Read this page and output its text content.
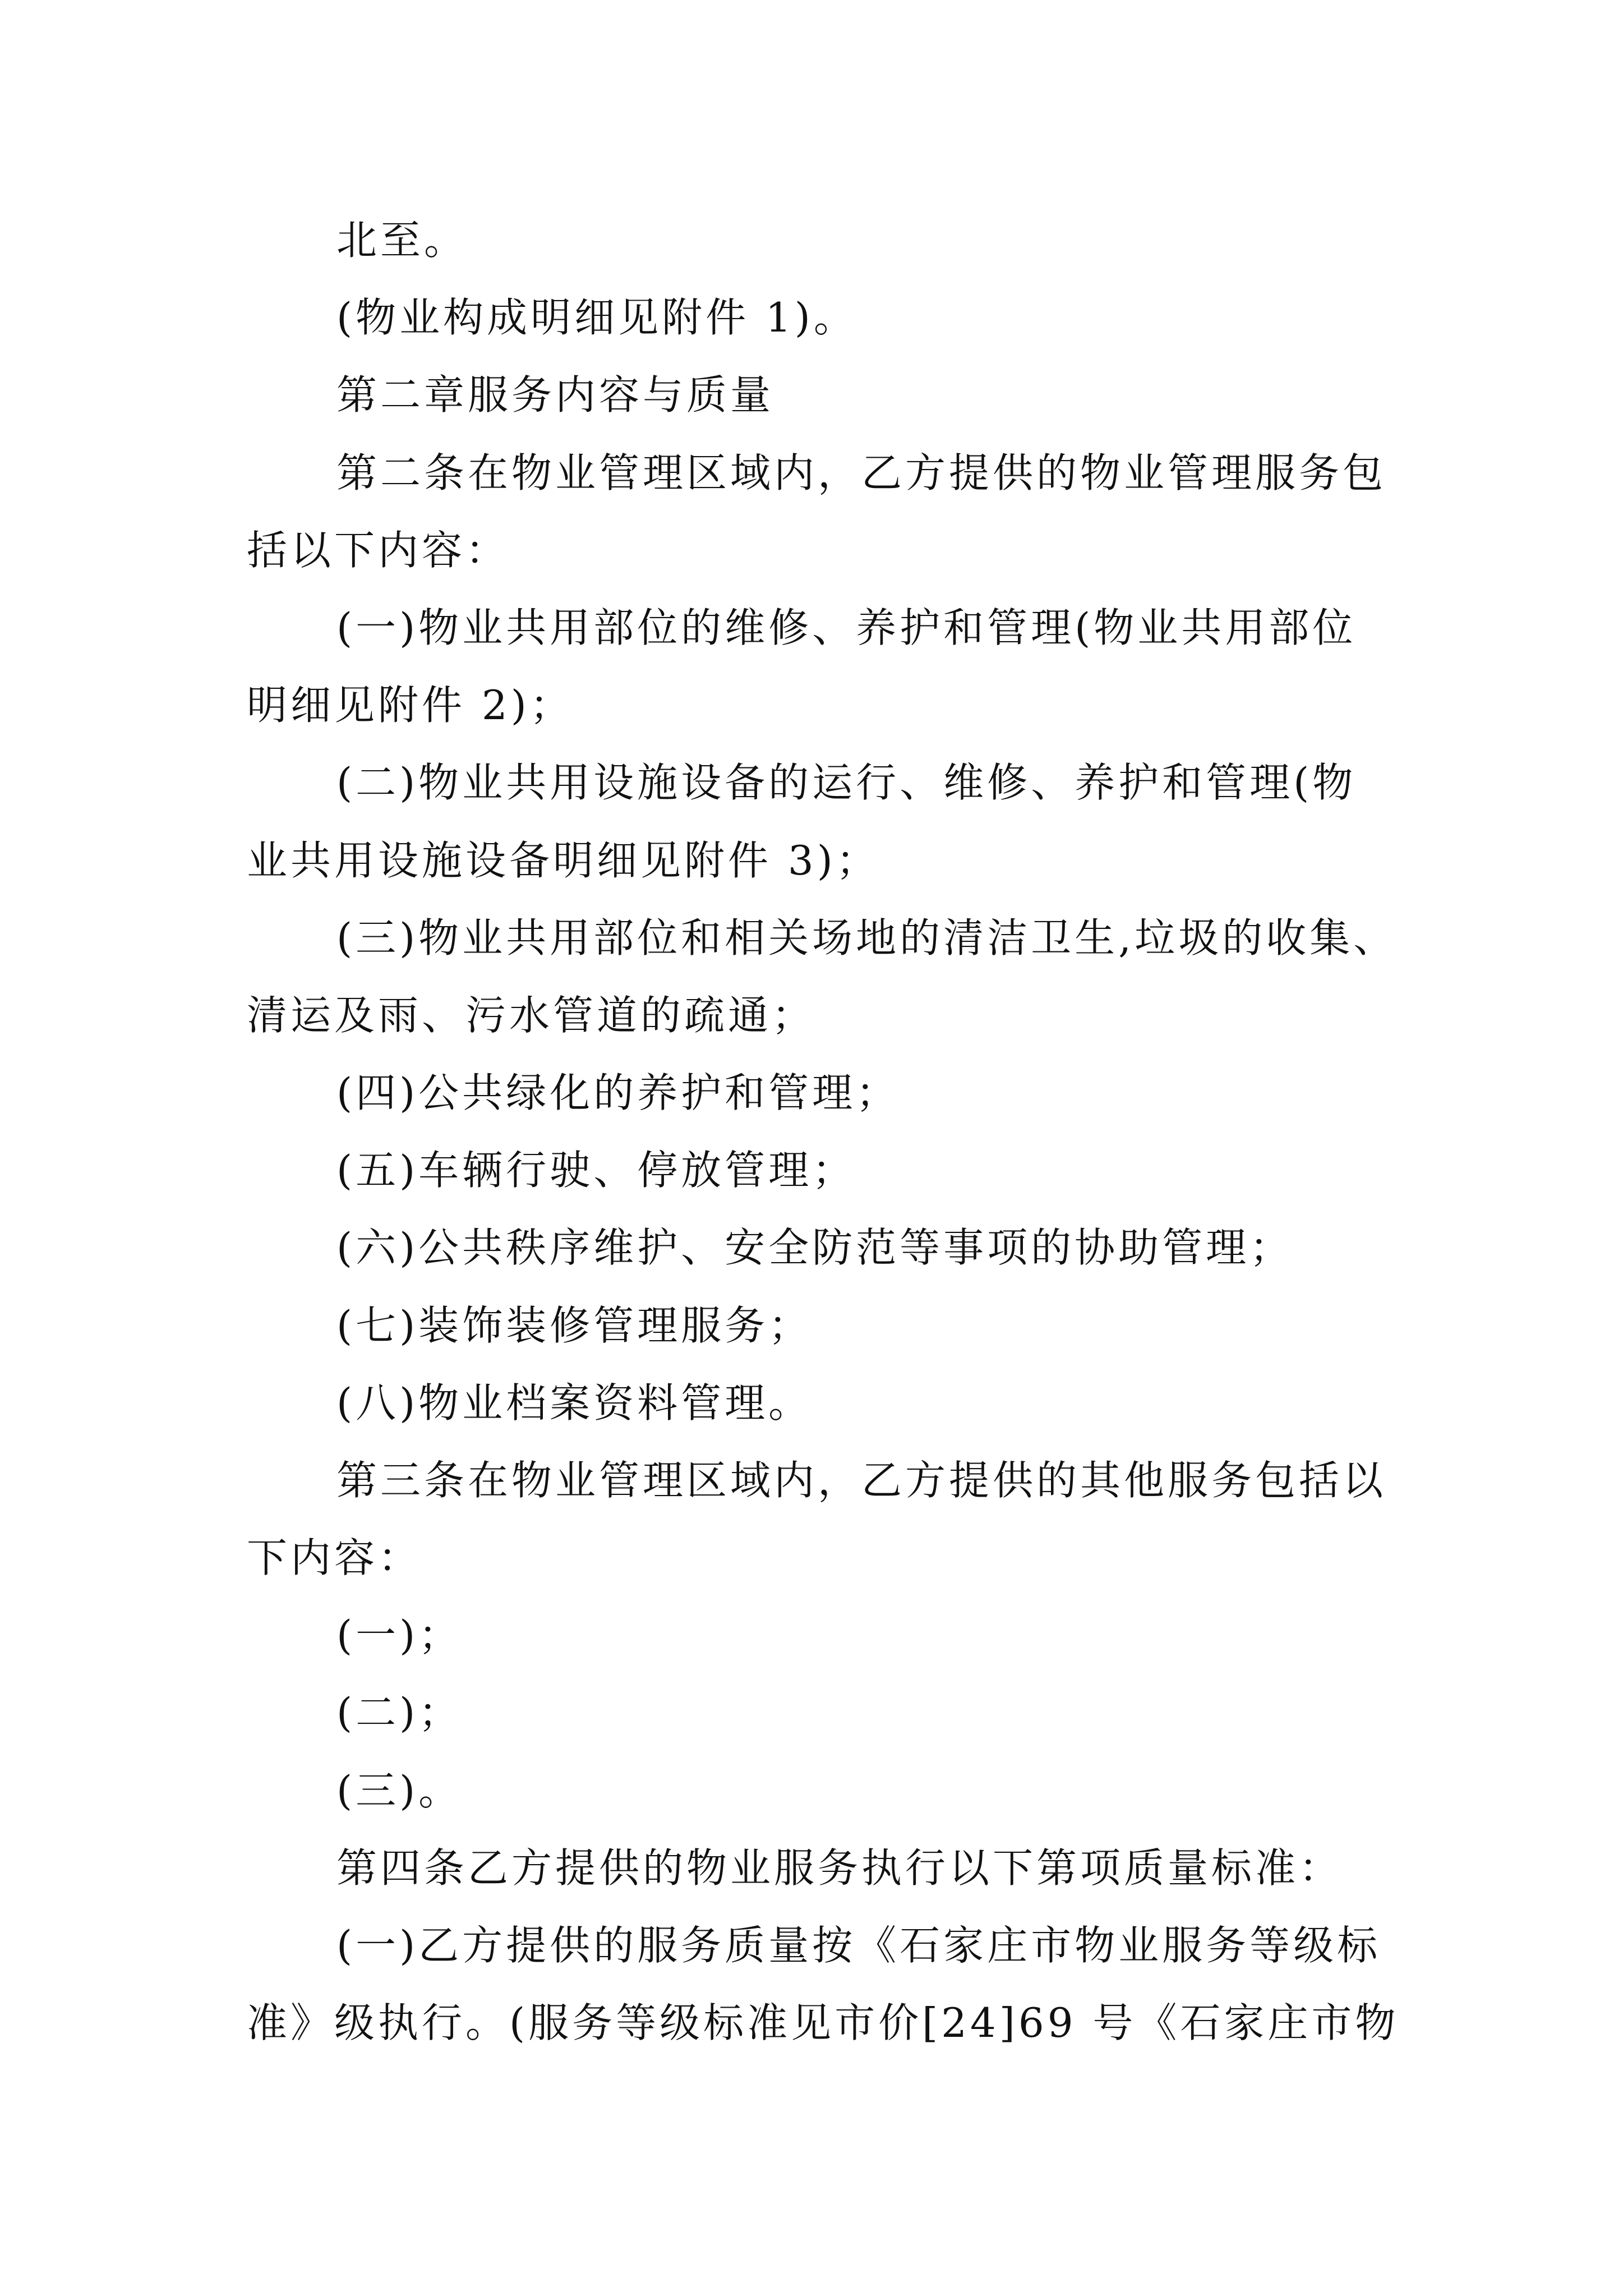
北至。
(物业构成明细见附件 1)。
第二章服务内容与质量
第二条在物业管理区域内，乙方提供的物业管理服务包
括以下内容：
(一)物业共用部位的维修、养护和管理(物业共用部位
明细见附件 2)；
(二)物业共用设施设备的运行、维修、养护和管理(物
业共用设施设备明细见附件 3)；
(三)物业共用部位和相关场地的清洁卫生,垃圾的收集、
清运及雨、污水管道的疏通；
(四)公共绿化的养护和管理；
(五)车辆行驶、停放管理；
(六)公共秩序维护、安全防范等事项的协助管理；
(七)装饰装修管理服务；
(八)物业档案资料管理。
第三条在物业管理区域内，乙方提供的其他服务包括以
下内容：
(一)；
(二)；
(三)。
第四条乙方提供的物业服务执行以下第项质量标准：
(一)乙方提供的服务质量按《石家庄市物业服务等级标
准》级执行。(服务等级标准见市价[24]69 号《石家庄市物
